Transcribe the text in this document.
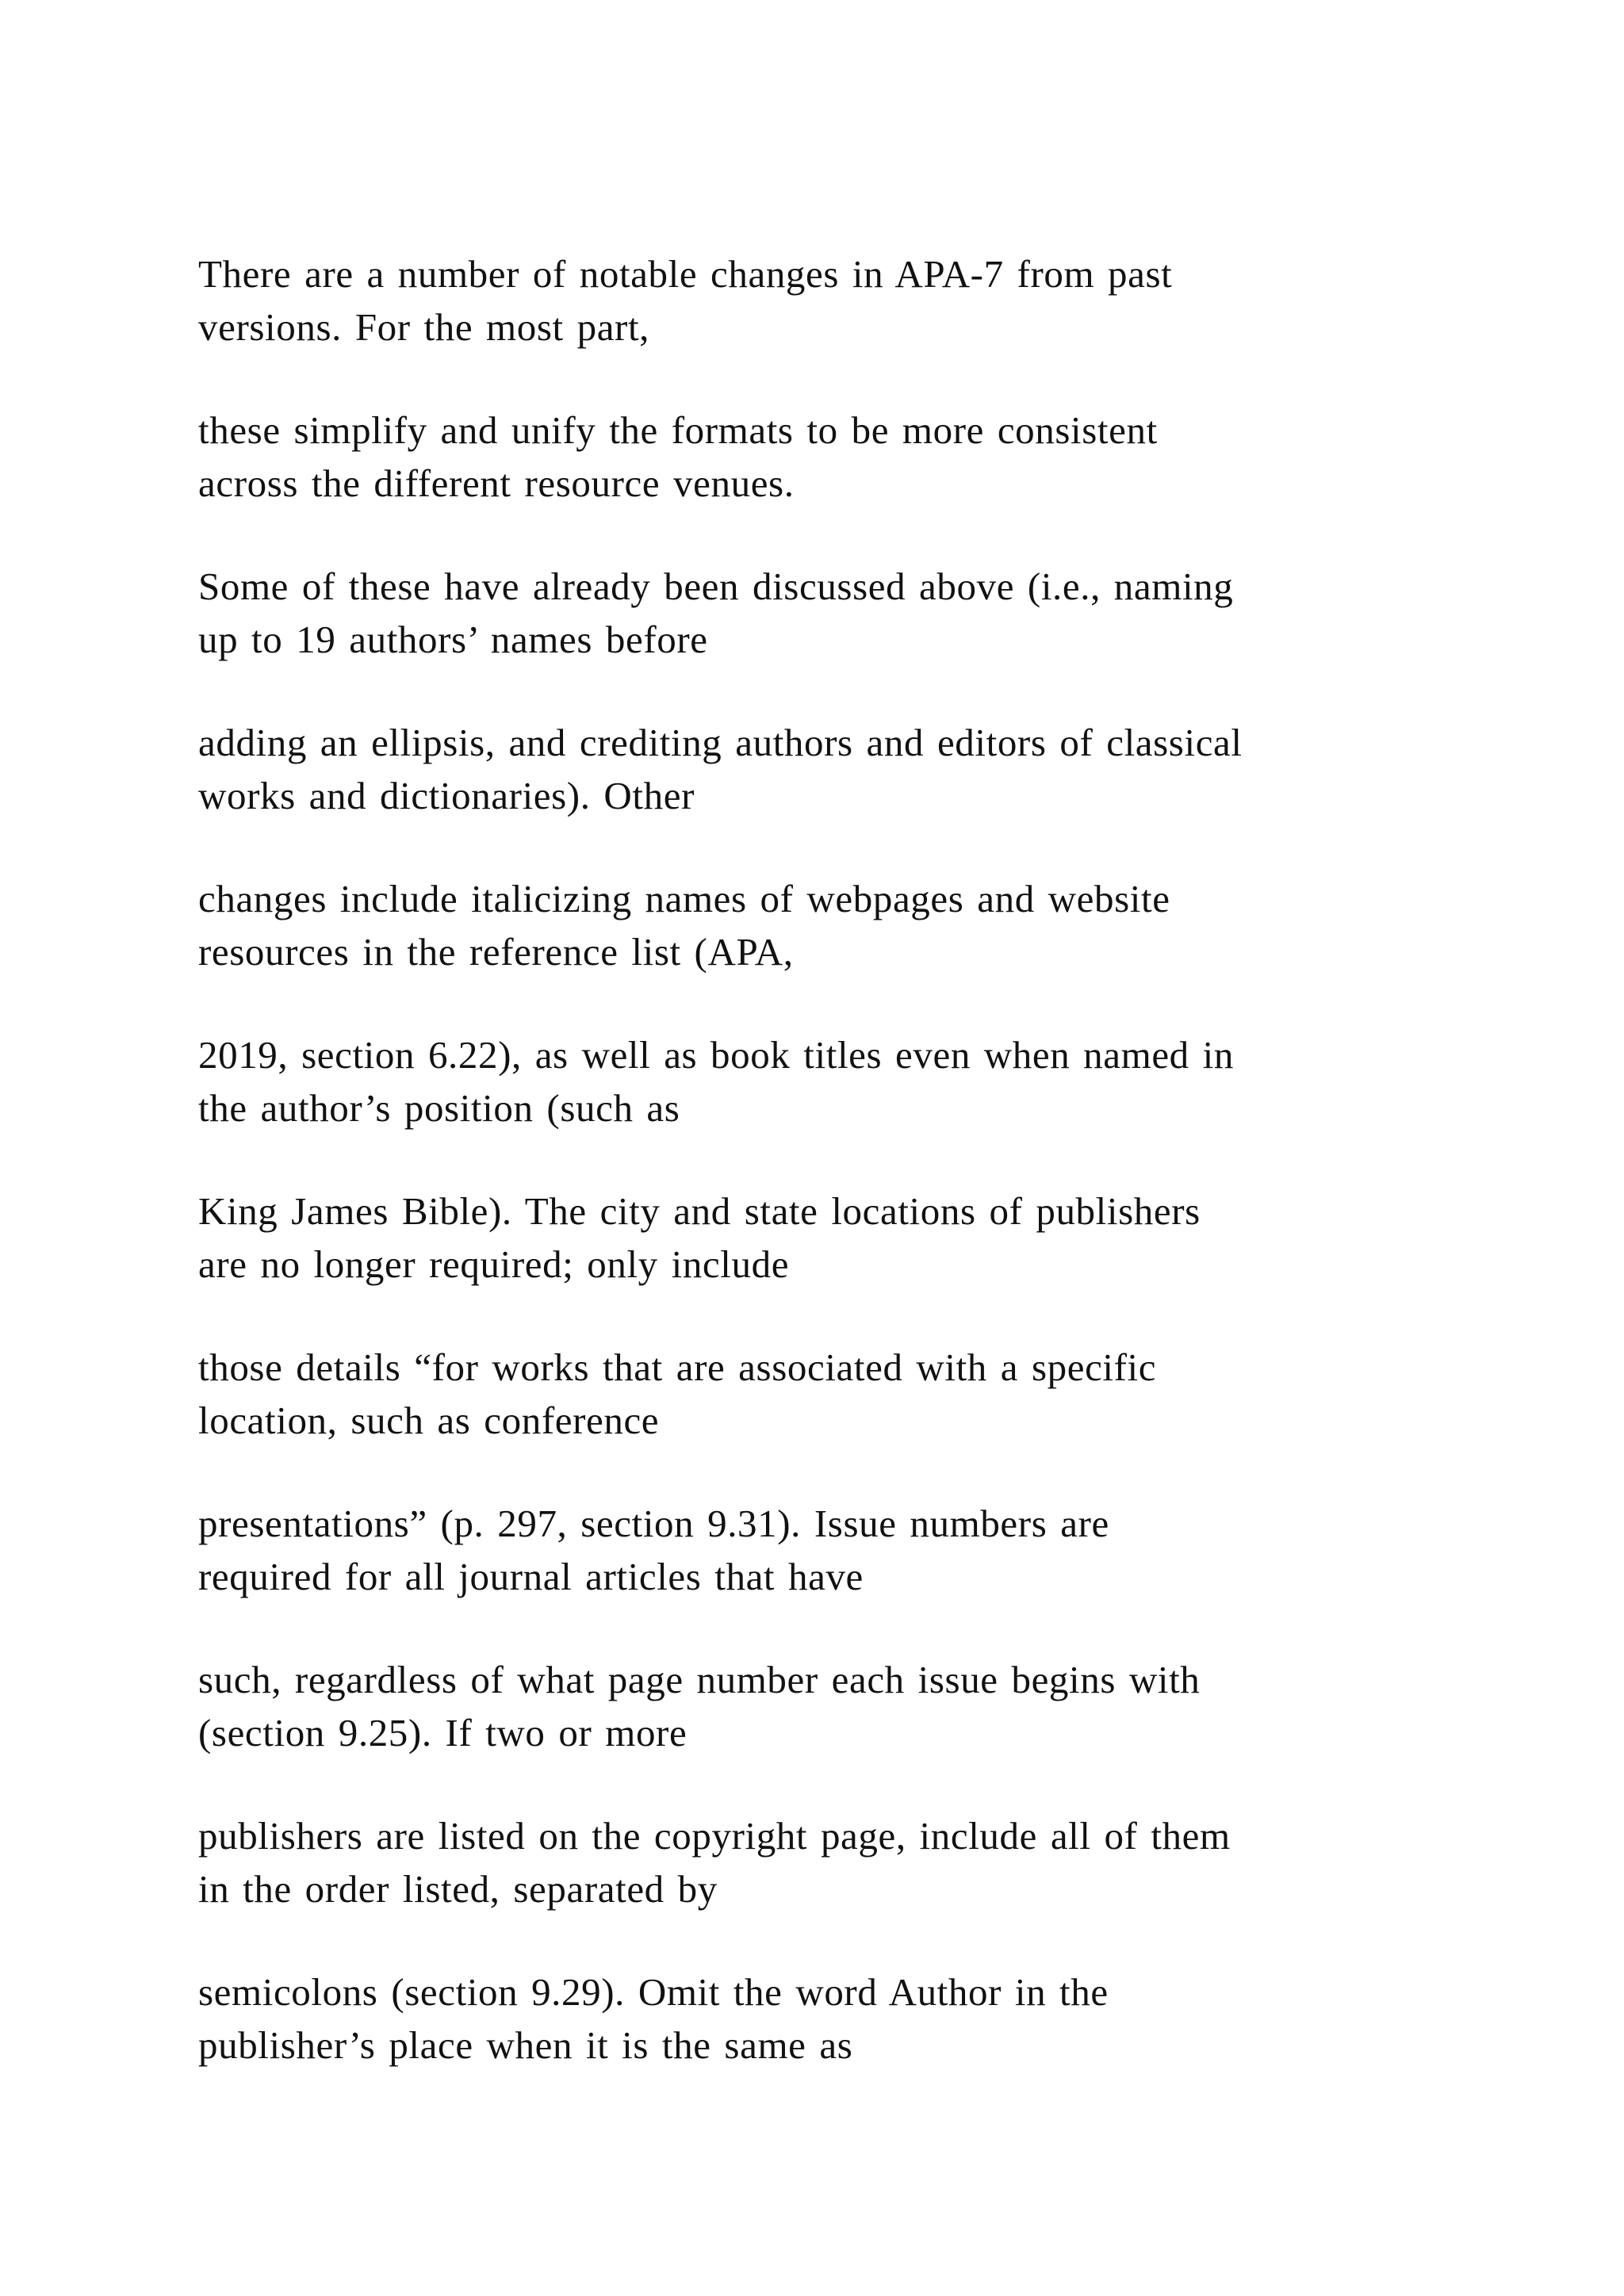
There are a number of notable changes in APA-7 from past
versions. For the most part,
these simplify and unify the formats to be more consistent
across the different resource venues.
Some of these have already been discussed above (i.e., naming
up to 19 authors’ names before
adding an ellipsis, and crediting authors and editors of classical
works and dictionaries). Other
changes include italicizing names of webpages and website
resources in the reference list (APA,
2019, section 6.22), as well as book titles even when named in
the author’s position (such as
King James Bible). The city and state locations of publishers
are no longer required; only include
those details “for works that are associated with a specific
location, such as conference
presentations” (p. 297, section 9.31). Issue numbers are
required for all journal articles that have
such, regardless of what page number each issue begins with
(section 9.25). If two or more
publishers are listed on the copyright page, include all of them
in the order listed, separated by
semicolons (section 9.29). Omit the word Author in the
publisher’s place when it is the same as
